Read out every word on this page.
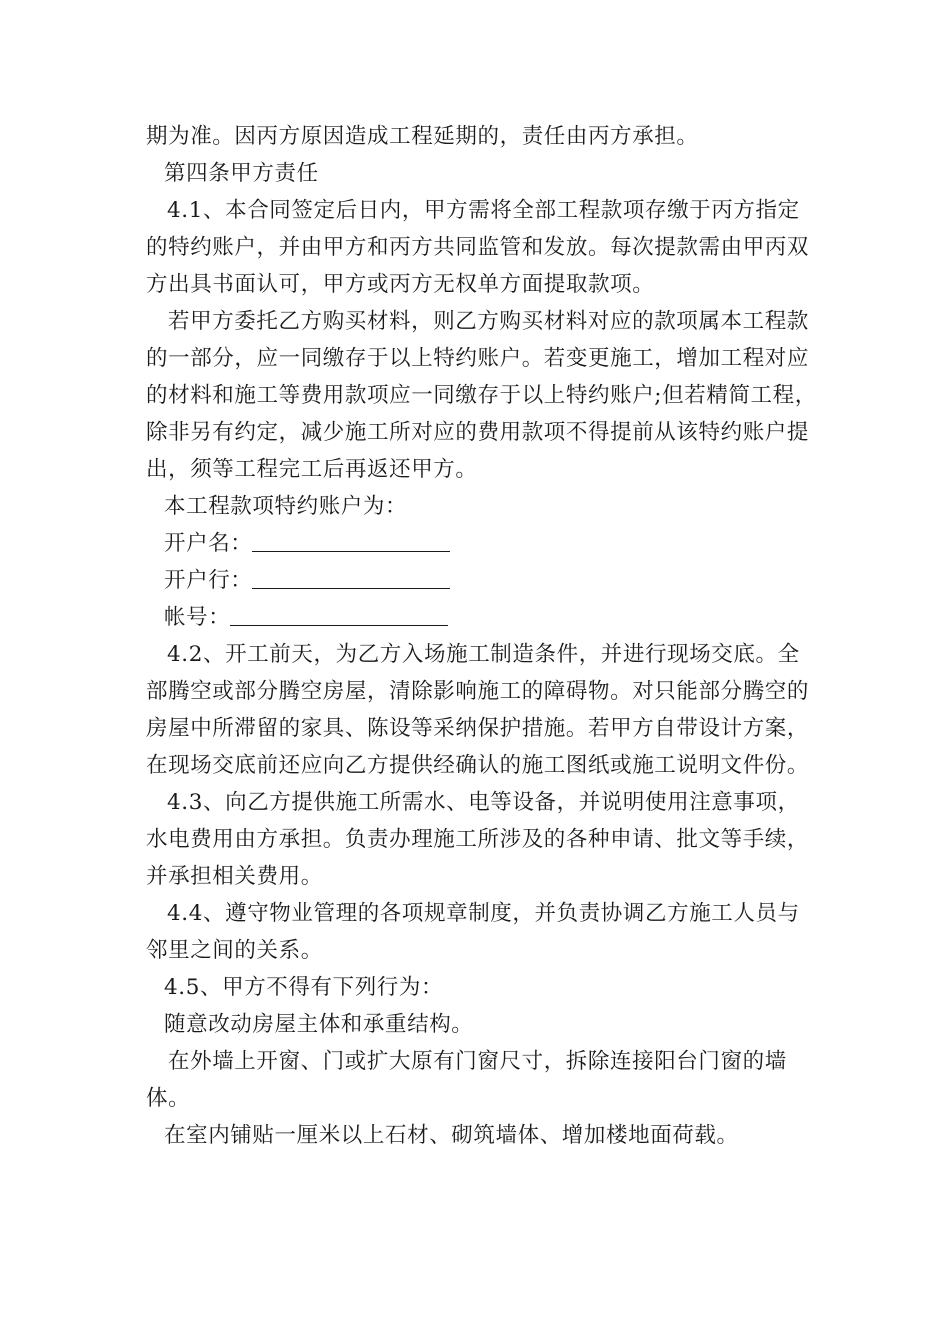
期为准。因丙方原因造成工程延期的，责任由丙方承担。

第四条甲方责任

4.1、本合同签定后日内，甲方需将全部工程款项存缴于丙方指定的特约账户，并由甲方和丙方共同监管和发放。每次提款需由甲丙双方出具书面认可，甲方或丙方无权单方面提取款项。

若甲方委托乙方购买材料，则乙方购买材料对应的款项属本工程款的一部分，应一同缴存于以上特约账户。若变更施工，增加工程对应的材料和施工等费用款项应一同缴存于以上特约账户;但若精简工程，除非另有约定，减少施工所对应的费用款项不得提前从该特约账户提出，须等工程完工后再返还甲方。

本工程款项特约账户为：

开户名：

开户行：

帐号：

4.2、开工前天，为乙方入场施工制造条件，并进行现场交底。全部腾空或部分腾空房屋，清除影响施工的障碍物。对只能部分腾空的房屋中所滞留的家具、陈设等采纳保护措施。若甲方自带设计方案，在现场交底前还应向乙方提供经确认的施工图纸或施工说明文件份。

4.3、向乙方提供施工所需水、电等设备，并说明使用注意事项，水电费用由方承担。负责办理施工所涉及的各种申请、批文等手续，并承担相关费用。

4.4、遵守物业管理的各项规章制度，并负责协调乙方施工人员与邻里之间的关系。

4.5、甲方不得有下列行为：

随意改动房屋主体和承重结构。

在外墙上开窗、门或扩大原有门窗尺寸，拆除连接阳台门窗的墙体。

在室内铺贴一厘米以上石材、砌筑墙体、增加楼地面荷载。
